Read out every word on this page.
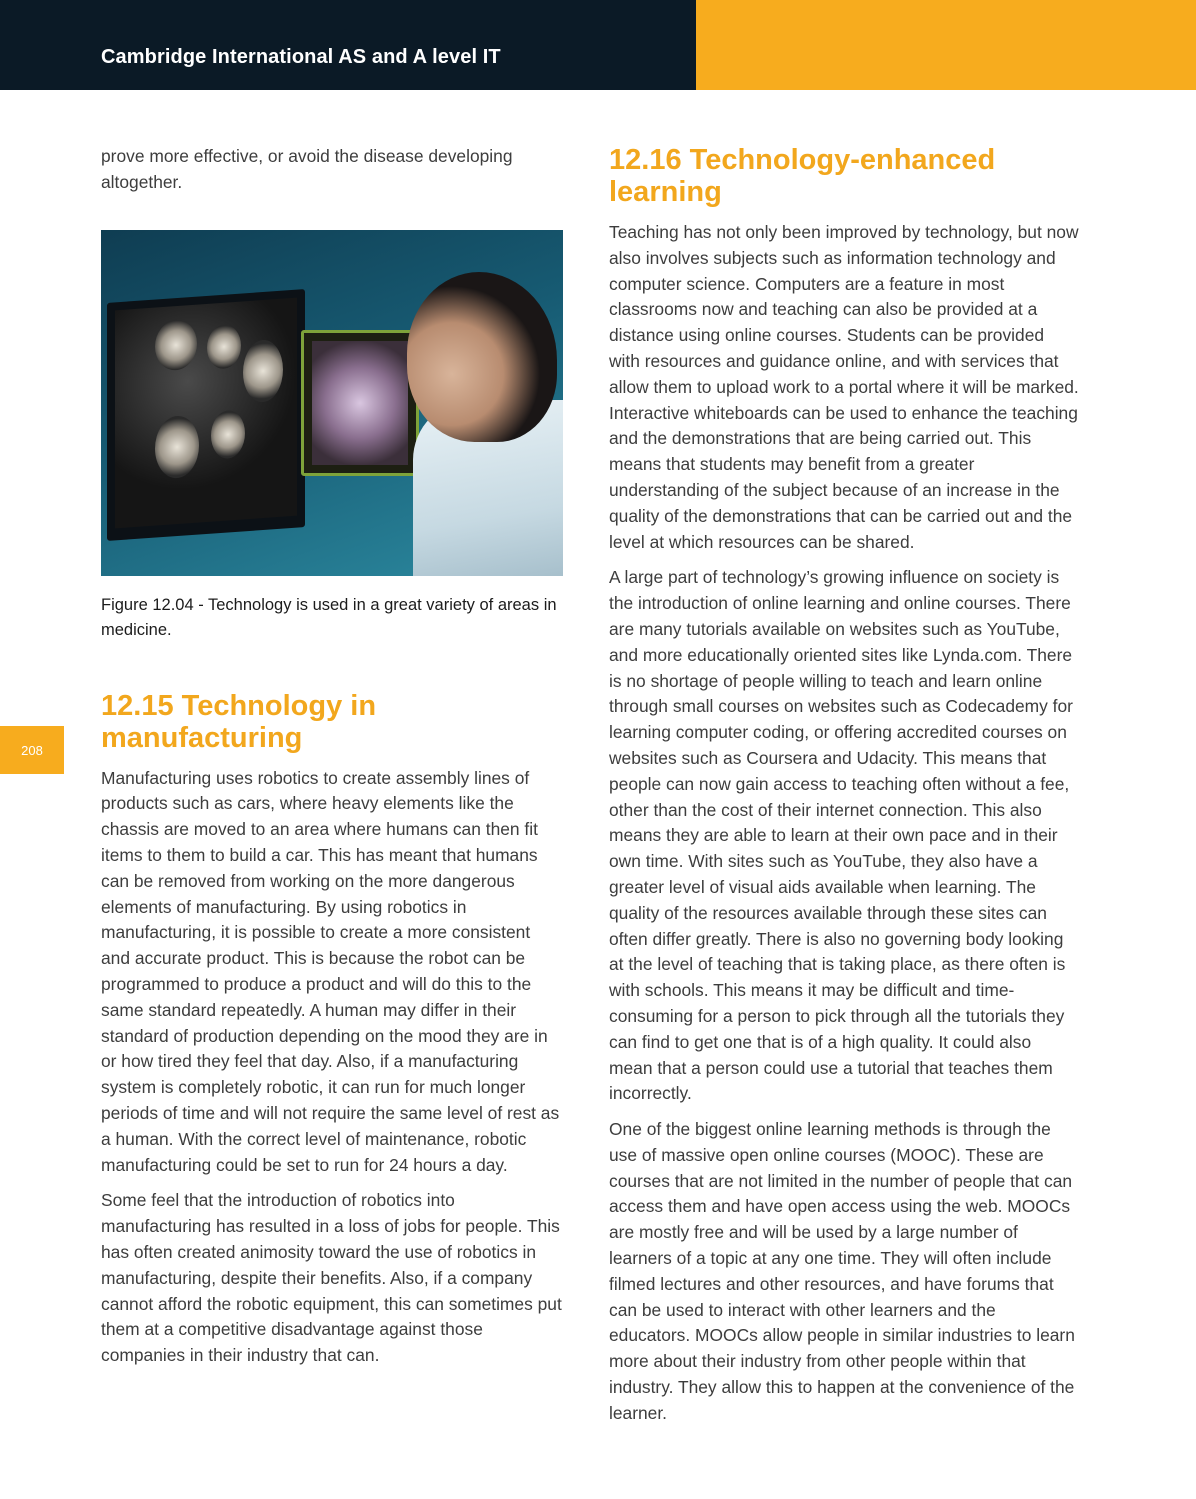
Cambridge International AS and A level IT
208

prove more effective, or avoid the disease developing altogether.

Figure 12.04 - Technology is used in a great variety of areas in medicine.
12.15 Technology in manufacturing

Manufacturing uses robotics to create assembly lines of products such as cars, where heavy elements like the chassis are moved to an area where humans can then fit items to them to build a car. This has meant that humans can be removed from working on the more dangerous elements of manufacturing. By using robotics in manufacturing, it is possible to create a more consistent and accurate product. This is because the robot can be programmed to produce a product and will do this to the same standard repeatedly. A human may differ in their standard of production depending on the mood they are in or how tired they feel that day. Also, if a manufacturing system is completely robotic, it can run for much longer periods of time and will not require the same level of rest as a human. With the correct level of maintenance, robotic manufacturing could be set to run for 24 hours a day.

Some feel that the introduction of robotics into manufacturing has resulted in a loss of jobs for people. This has often created animosity toward the use of robotics in manufacturing, despite their benefits. Also, if a company cannot afford the robotic equipment, this can sometimes put them at a competitive disadvantage against those companies in their industry that can.

12.16 Technology-enhanced learning

Teaching has not only been improved by technology, but now also involves subjects such as information technology and computer science. Computers are a feature in most classrooms now and teaching can also be provided at a distance using online courses. Students can be provided with resources and guidance online, and with services that allow them to upload work to a portal where it will be marked. Interactive whiteboards can be used to enhance the teaching and the demonstrations that are being carried out. This means that students may benefit from a greater understanding of the subject because of an increase in the quality of the demonstrations that can be carried out and the level at which resources can be shared.

A large part of technology’s growing influence on society is the introduction of online learning and online courses. There are many tutorials available on websites such as YouTube, and more educationally oriented sites like Lynda.com. There is no shortage of people willing to teach and learn online through small courses on websites such as Codecademy for learning computer coding, or offering accredited courses on websites such as Coursera and Udacity. This means that people can now gain access to teaching often without a fee, other than the cost of their internet connection. This also means they are able to learn at their own pace and in their own time. With sites such as YouTube, they also have a greater level of visual aids available when learning. The quality of the resources available through these sites can often differ greatly. There is also no governing body looking at the level of teaching that is taking place, as there often is with schools. This means it may be difficult and time-consuming for a person to pick through all the tutorials they can find to get one that is of a high quality. It could also mean that a person could use a tutorial that teaches them incorrectly.

One of the biggest online learning methods is through the use of massive open online courses (MOOC). These are courses that are not limited in the number of people that can access them and have open access using the web. MOOCs are mostly free and will be used by a large number of learners of a topic at any one time. They will often include filmed lectures and other resources, and have forums that can be used to interact with other learners and the educators. MOOCs allow people in similar industries to learn more about their industry from other people within that industry. They allow this to happen at the convenience of the learner.
